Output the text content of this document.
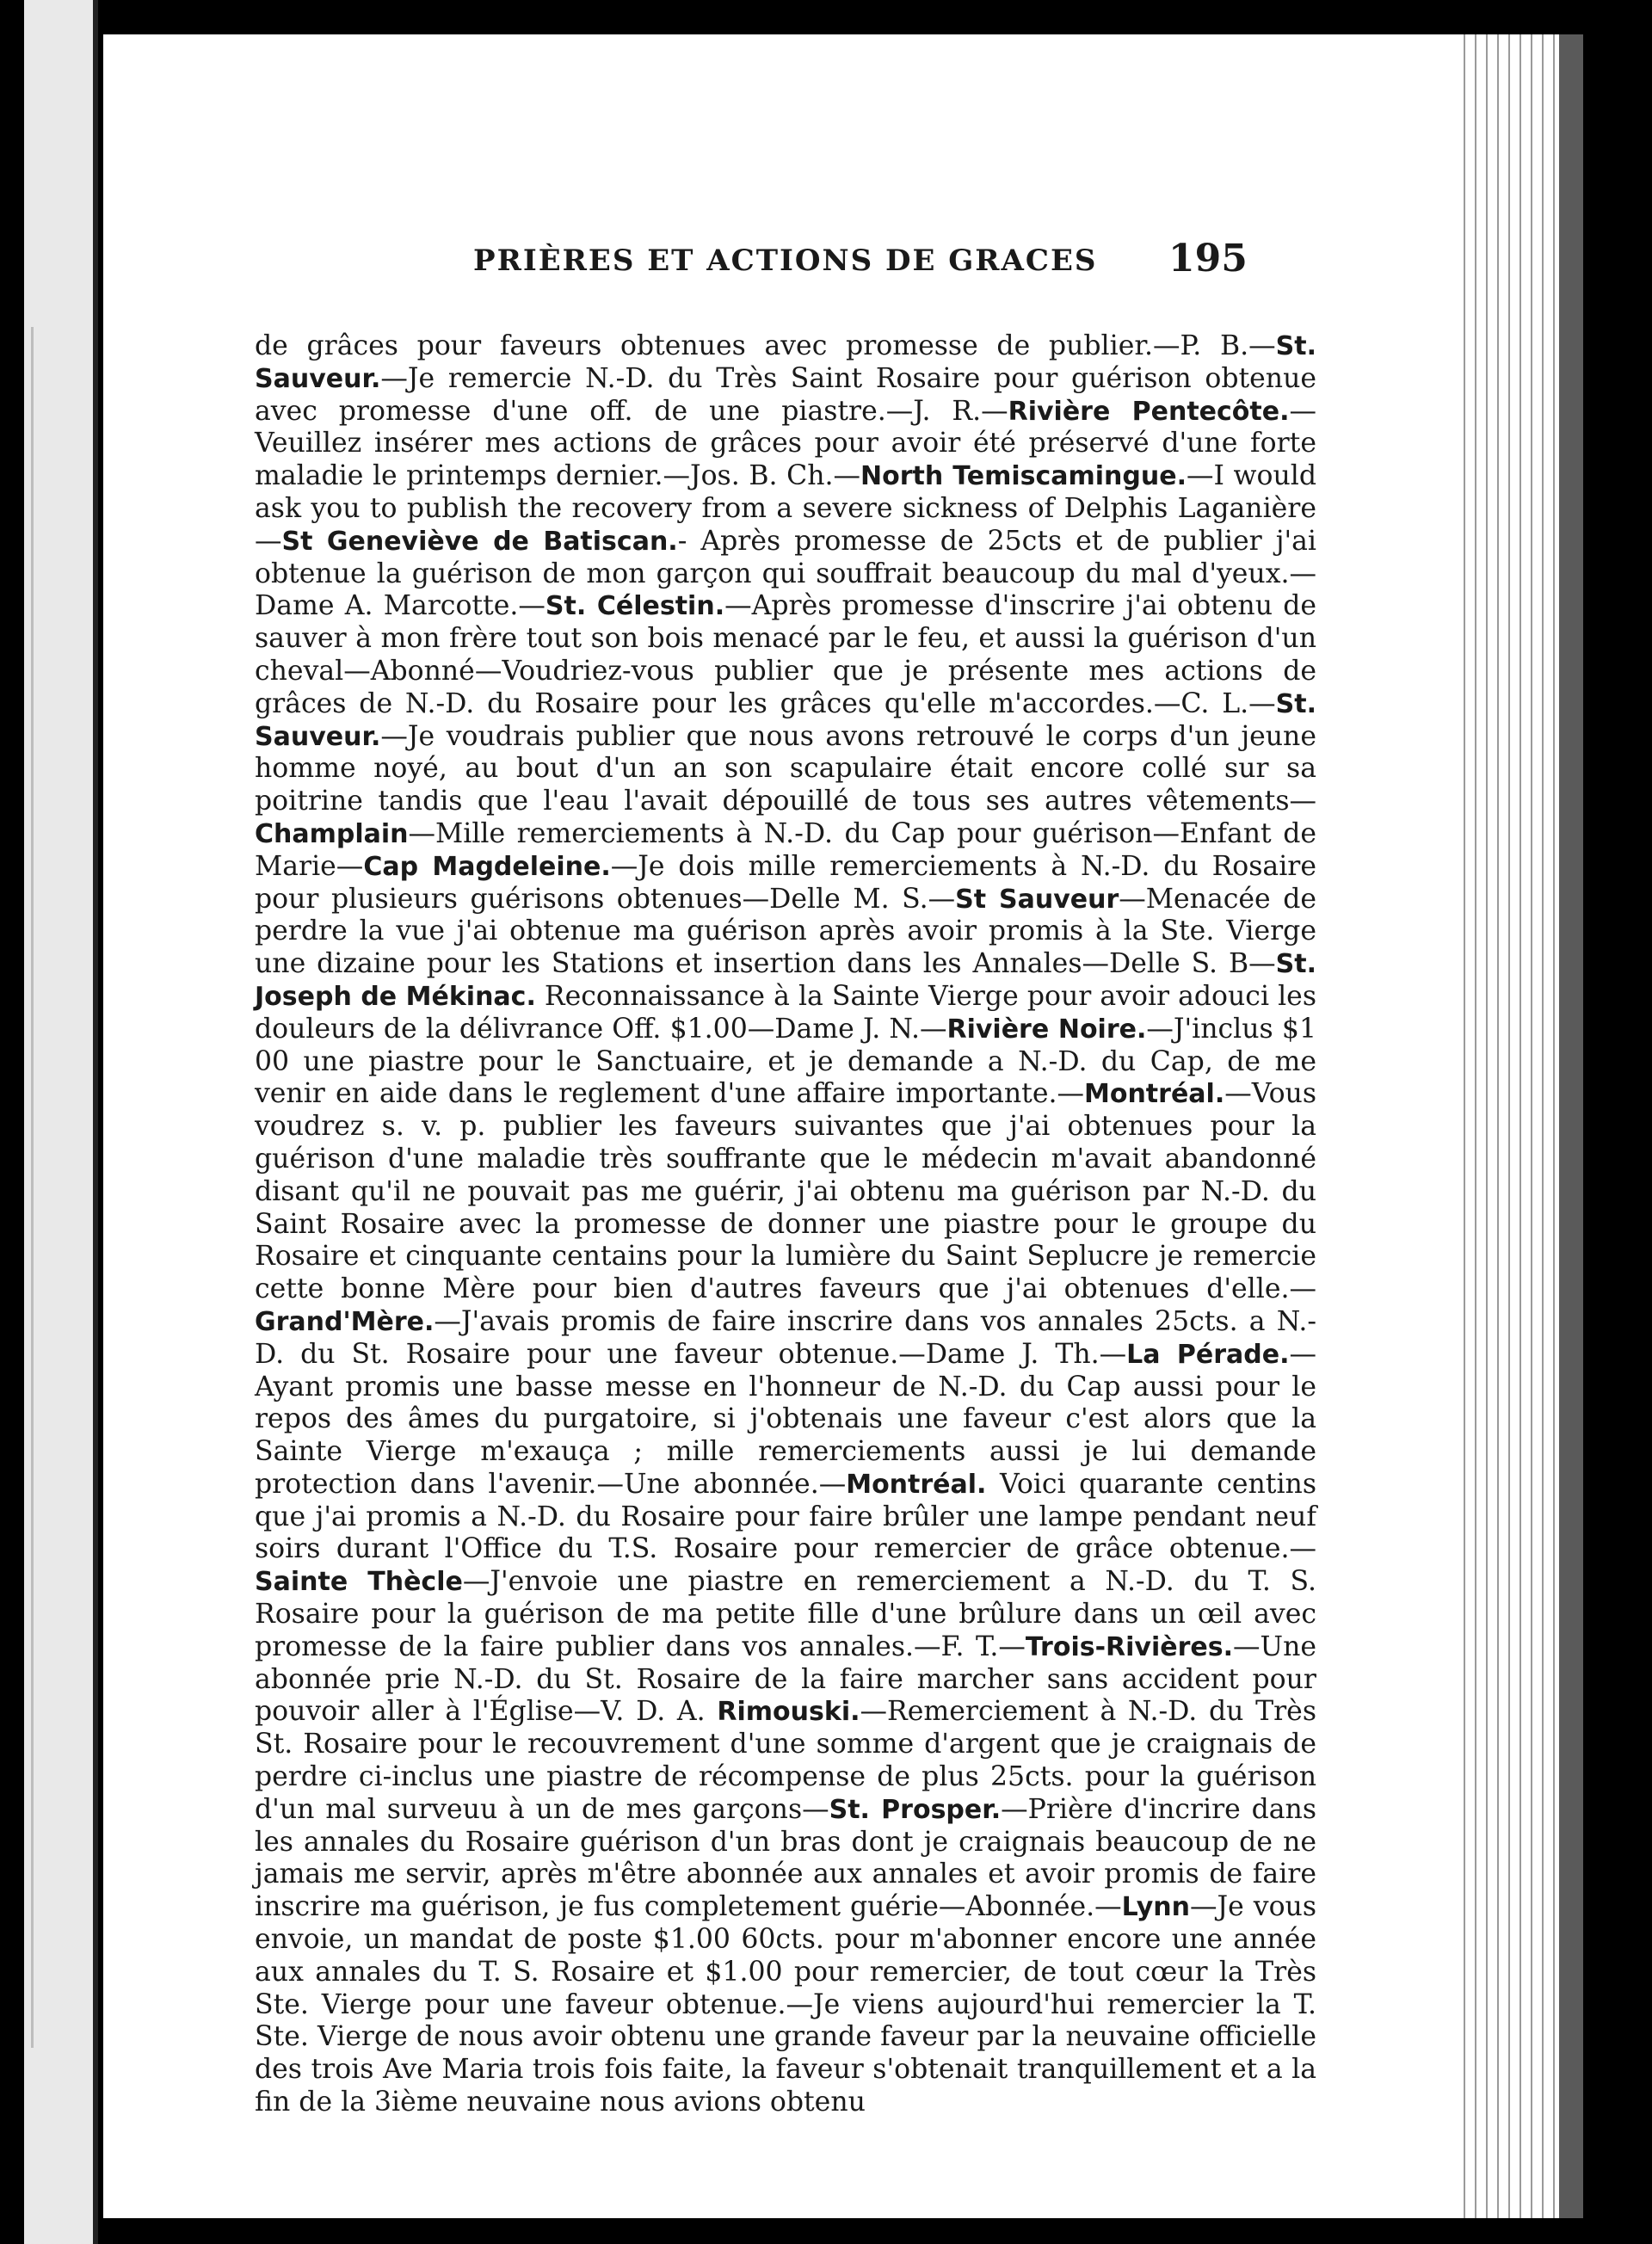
PRIÈRES ET ACTIONS DE GRACES 195

de grâces pour faveurs obtenues avec promesse de publier.—P. B.—St. Sauveur.—Je remercie N.-D. du Très Saint Rosaire pour guérison obtenue avec promesse d'une off. de une piastre.—J. R.—Rivière Pentecôte.—Veuillez insérer mes actions de grâces pour avoir été préservé d'une forte maladie le printemps dernier.—Jos. B. Ch.—North Temiscamingue.—I would ask you to publish the recovery from a severe sickness of Delphis Laganière —St Geneviève de Batiscan.- Après promesse de 25cts et de publier j'ai obtenue la guérison de mon garçon qui souffrait beaucoup du mal d'yeux.—Dame A. Marcotte.—St. Célestin.—Après promesse d'inscrire j'ai obtenu de sauver à mon frère tout son bois menacé par le feu, et aussi la guérison d'un cheval—Abonné—Voudriez-vous publier que je présente mes actions de grâces de N.-D. du Rosaire pour les grâces qu'elle m'accordes.—C. L.—St. Sauveur.—Je voudrais publier que nous avons retrouvé le corps d'un jeune homme noyé, au bout d'un an son scapulaire était encore collé sur sa poitrine tandis que l'eau l'avait dépouillé de tous ses autres vêtements—Champlain—Mille remerciements à N.-D. du Cap pour guérison—Enfant de Marie—Cap Magdeleine.—Je dois mille remerciements à N.-D. du Rosaire pour plusieurs guérisons obtenues—Delle M. S.—St Sauveur—Menacée de perdre la vue j'ai obtenue ma guérison après avoir promis à la Ste. Vierge une dizaine pour les Stations et insertion dans les Annales—Delle S. B—St. Joseph de Mékinac. Reconnaissance à la Sainte Vierge pour avoir adouci les douleurs de la délivrance Off. $1.00—Dame J. N.—Rivière Noire.—J'inclus $1 00 une piastre pour le Sanctuaire, et je demande a N.-D. du Cap, de me venir en aide dans le reglement d'une affaire importante.—Montréal.—Vous voudrez s. v. p. publier les faveurs suivantes que j'ai obtenues pour la guérison d'une maladie très souffrante que le médecin m'avait abandonné disant qu'il ne pouvait pas me guérir, j'ai obtenu ma guérison par N.-D. du Saint Rosaire avec la promesse de donner une piastre pour le groupe du Rosaire et cinquante centains pour la lumière du Saint Seplucre je remercie cette bonne Mère pour bien d'autres faveurs que j'ai obtenues d'elle.—Grand'Mère.—J'avais promis de faire inscrire dans vos annales 25cts. a N.-D. du St. Rosaire pour une faveur obtenue.—Dame J. Th.—La Pérade.—Ayant promis une basse messe en l'honneur de N.-D. du Cap aussi pour le repos des âmes du purgatoire, si j'obtenais une faveur c'est alors que la Sainte Vierge m'exauça ; mille remerciements aussi je lui demande protection dans l'avenir.—Une abonnée.—Montréal. Voici quarante centins que j'ai promis a N.-D. du Rosaire pour faire brûler une lampe pendant neuf soirs durant l'Office du T.S. Rosaire pour remercier de grâce obtenue.—Sainte Thècle—J'envoie une piastre en remerciement a N.-D. du T. S. Rosaire pour la guérison de ma petite fille d'une brûlure dans un œil avec promesse de la faire publier dans vos annales.—F. T.—Trois-Rivières.—Une abonnée prie N.-D. du St. Rosaire de la faire marcher sans accident pour pouvoir aller à l'Église—V. D. A. Rimouski.—Remerciement à N.-D. du Très St. Rosaire pour le recouvrement d'une somme d'argent que je craignais de perdre ci-inclus une piastre de récompense de plus 25cts. pour la guérison d'un mal surveuu à un de mes garçons—St. Prosper.—Prière d'incrire dans les annales du Rosaire guérison d'un bras dont je craignais beaucoup de ne jamais me servir, après m'être abonnée aux annales et avoir promis de faire inscrire ma guérison, je fus completement guérie—Abonnée.—Lynn—Je vous envoie, un mandat de poste $1.00 60cts. pour m'abonner encore une année aux annales du T. S. Rosaire et $1.00 pour remercier, de tout cœur la Très Ste. Vierge pour une faveur obtenue.—Je viens aujourd'hui remercier la T. Ste. Vierge de nous avoir obtenu une grande faveur par la neuvaine officielle des trois Ave Maria trois fois faite, la faveur s'obtenait tranquillement et a la fin de la 3ième neuvaine nous avions obtenu
